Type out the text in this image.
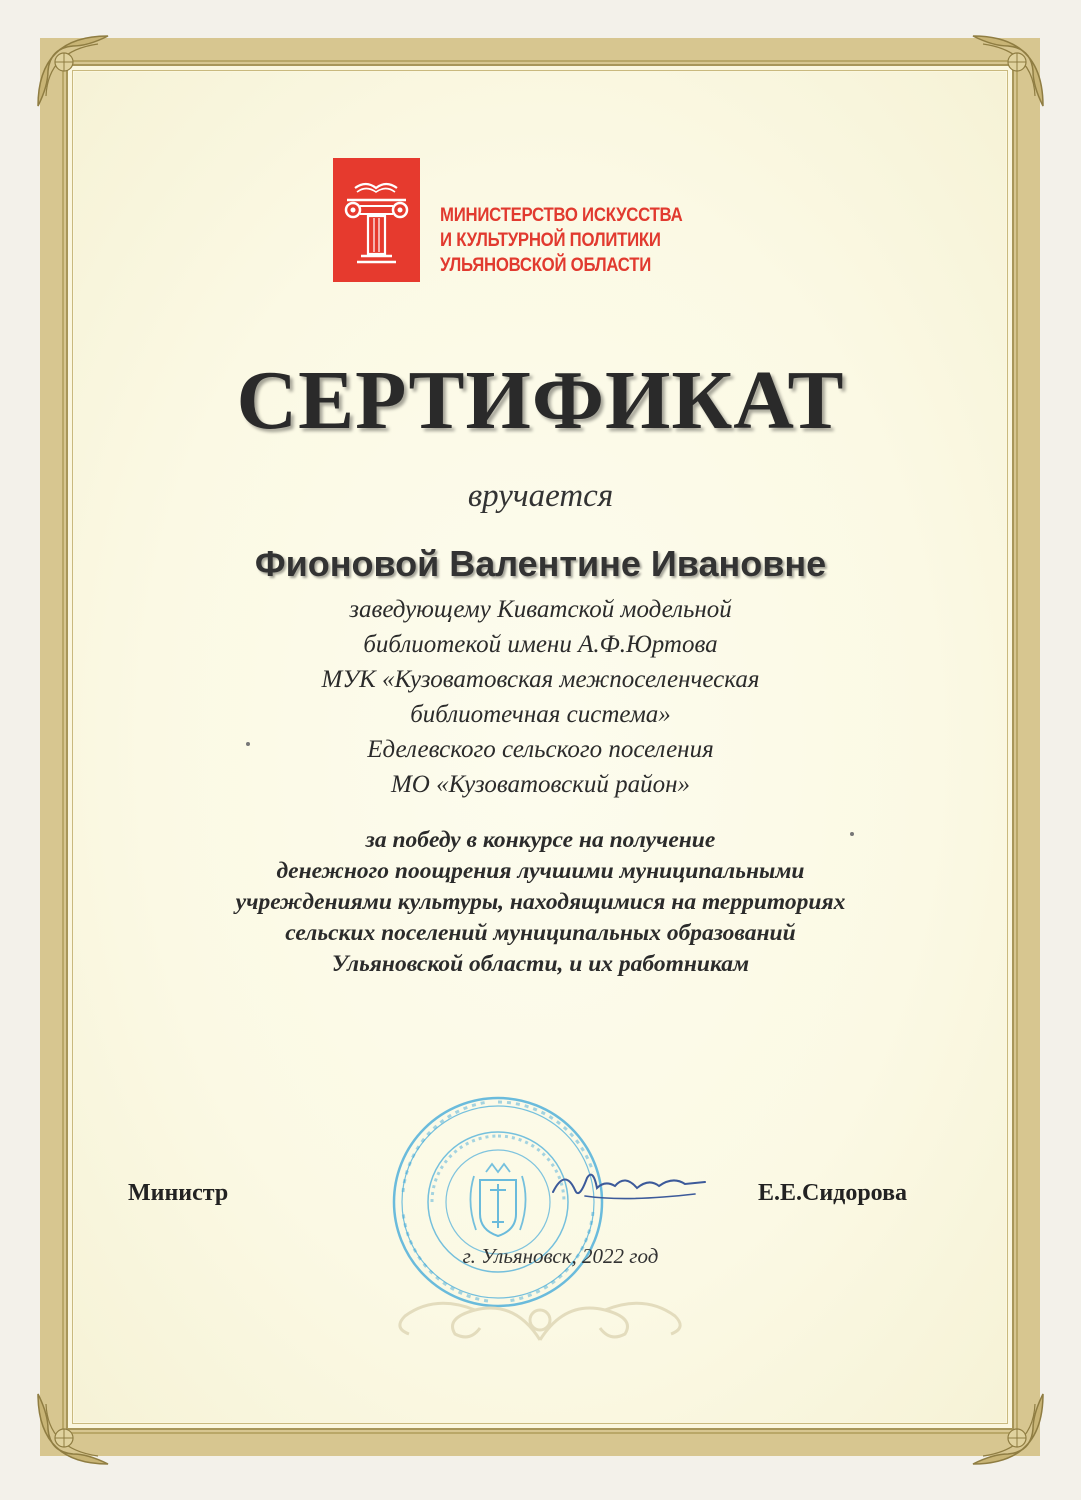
МИНИСТЕРСТВО ИСКУССТВА
И КУЛЬТУРНОЙ ПОЛИТИКИ
УЛЬЯНОВСКОЙ ОБЛАСТИ
СЕРТИФИКАТ
вручается
Фионовой Валентине Ивановне
заведующему Киватской модельной
библиотекой имени А.Ф.Юртова
МУК «Кузоватовская межпоселенческая
библиотечная система»
Еделевского сельского поселения
МО «Кузоватовский район»
за победу в конкурсе на получение
денежного поощрения лучшими муниципальными
учреждениями культуры, находящимися на территориях
сельских поселений муниципальных образований
Ульяновской области, и их работникам
Министр	Е.Е.Сидорова
г. Ульяновск, 2022 год
